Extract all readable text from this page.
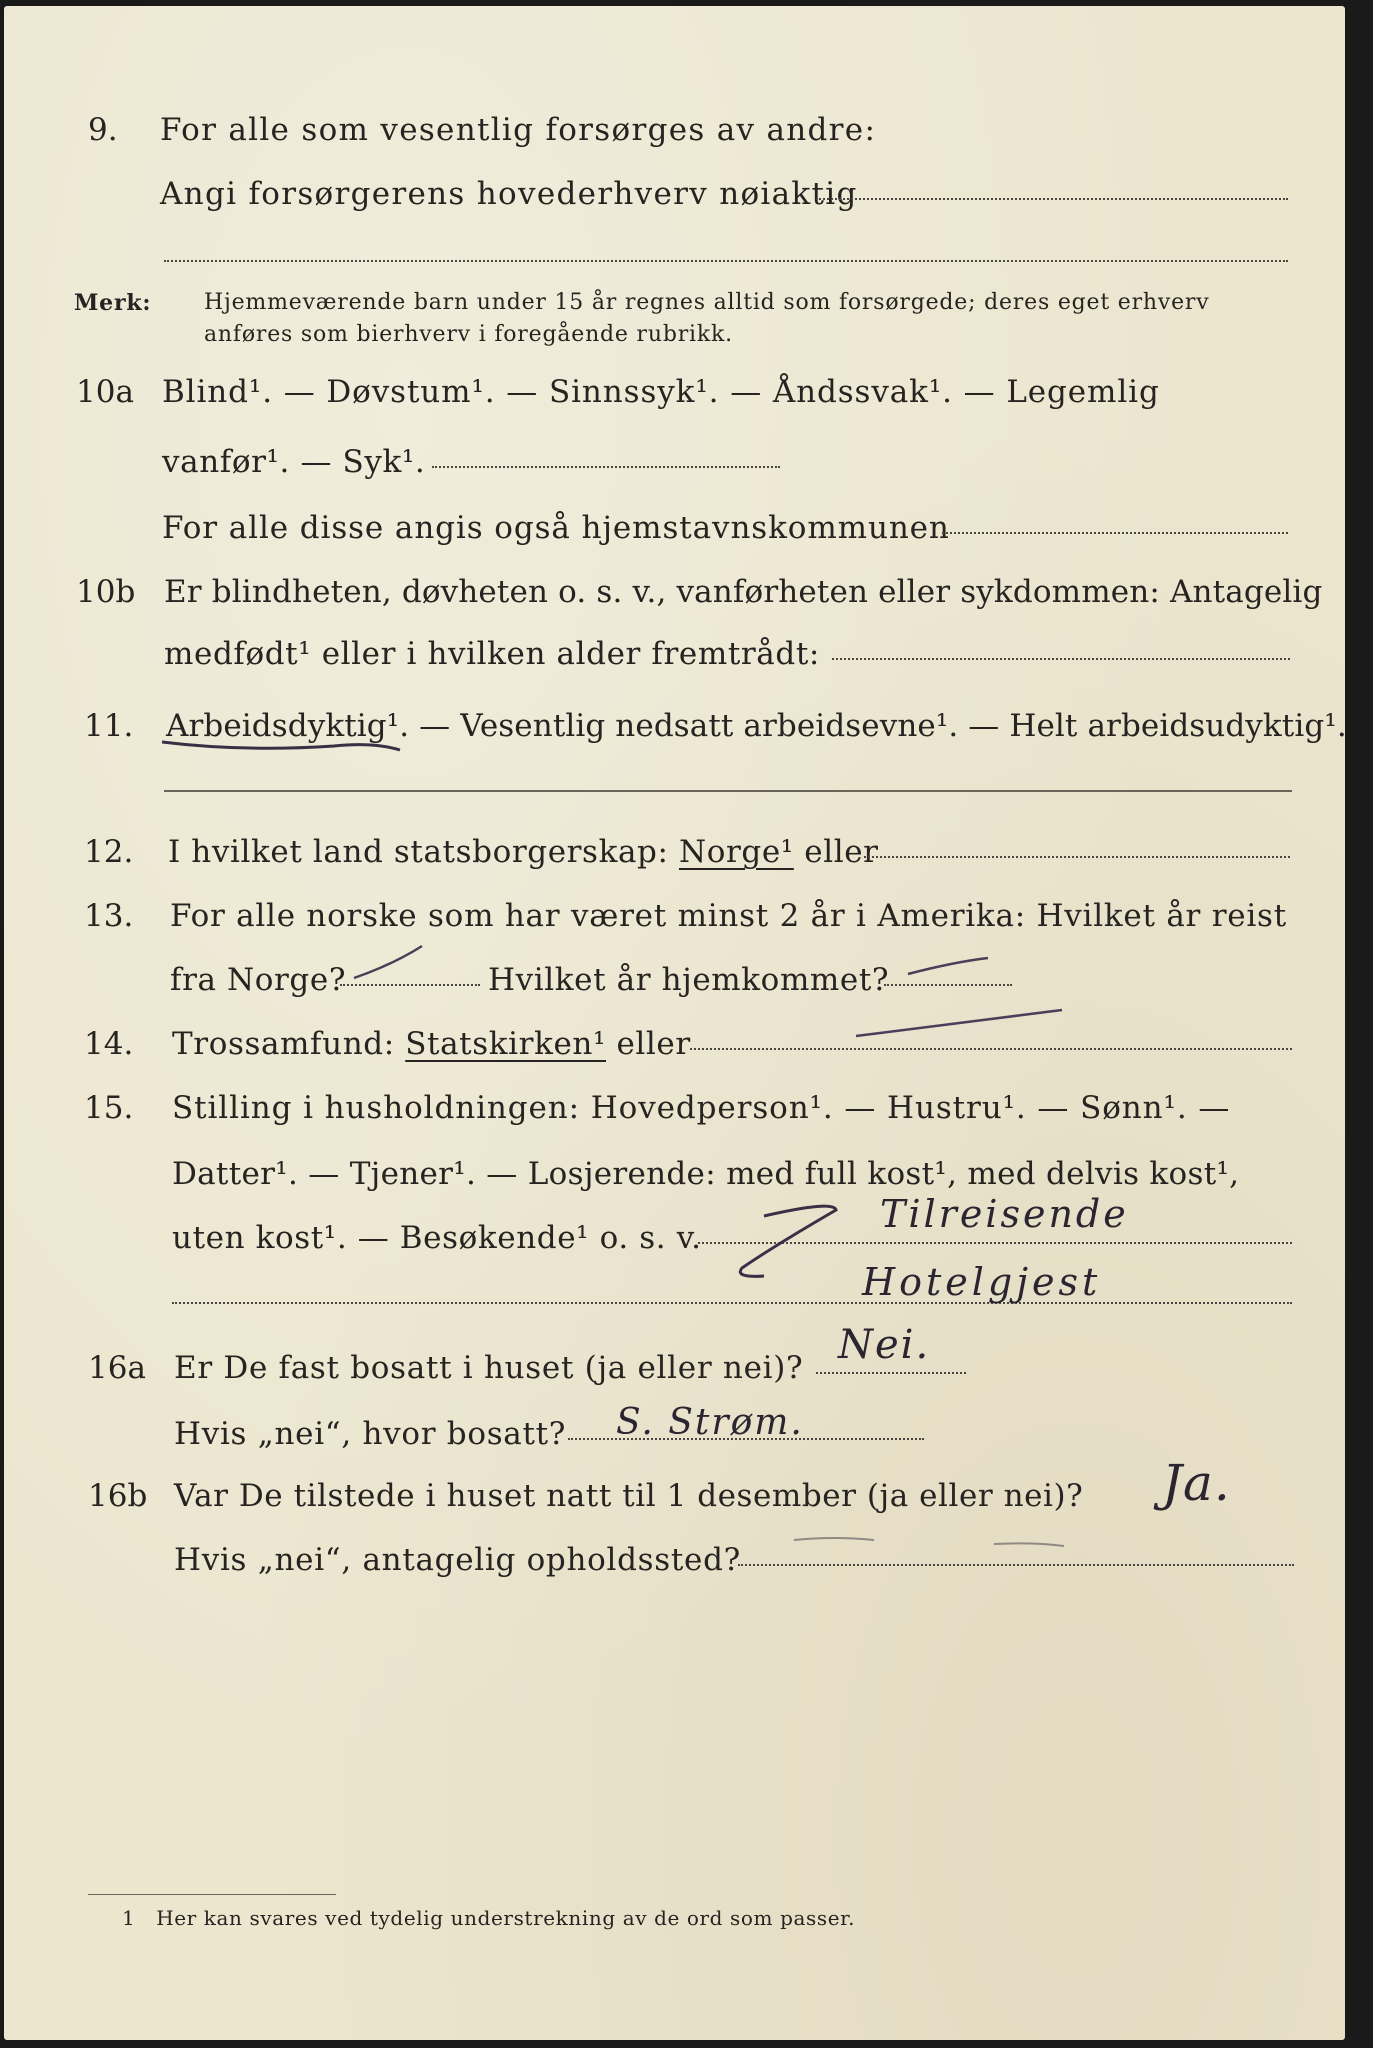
9. For alle som vesentlig forsørges av andre:
Angi forsørgerens hovederhverv nøiaktig
Merk: Hjemmeværende barn under 15 år regnes alltid som forsørgede; deres eget erhverv
anføres som bierhverv i foregående rubrikk.
10a Blind¹. — Døvstum¹. — Sinnssyk¹. — Åndssvak¹. — Legemlig
vanfør¹. — Syk¹.
For alle disse angis også hjemstavnskommunen
10b Er blindheten, døvheten o. s. v., vanførheten eller sykdommen: Antagelig
medfødt¹ eller i hvilken alder fremtrådt:
11. Arbeidsdyktig¹. — Vesentlig nedsatt arbeidsevne¹. — Helt arbeidsudyktig¹.
12. I hvilket land statsborgerskap: Norge¹ eller
13. For alle norske som har været minst 2 år i Amerika: Hvilket år reist
fra Norge?	Hvilket år hjemkommet?
14. Trossamfund: Statskirken¹ eller
15. Stilling i husholdningen: Hovedperson¹. — Hustru¹. — Sønn¹. —
Datter¹. — Tjener¹. — Losjerende: med full kost¹, med delvis kost¹,
uten kost¹. — Besøkende¹ o. s. v.
16a Er De fast bosatt i huset (ja eller nei)?
Hvis „nei“, hvor bosatt?
16b Var De tilstede i huset natt til 1 desember (ja eller nei)?
Hvis „nei“, antagelig opholdssted?
Tilreisende
Hotelgjest
Nei.
S. Strøm.
Ja.
1 Her kan svares ved tydelig understrekning av de ord som passer.
